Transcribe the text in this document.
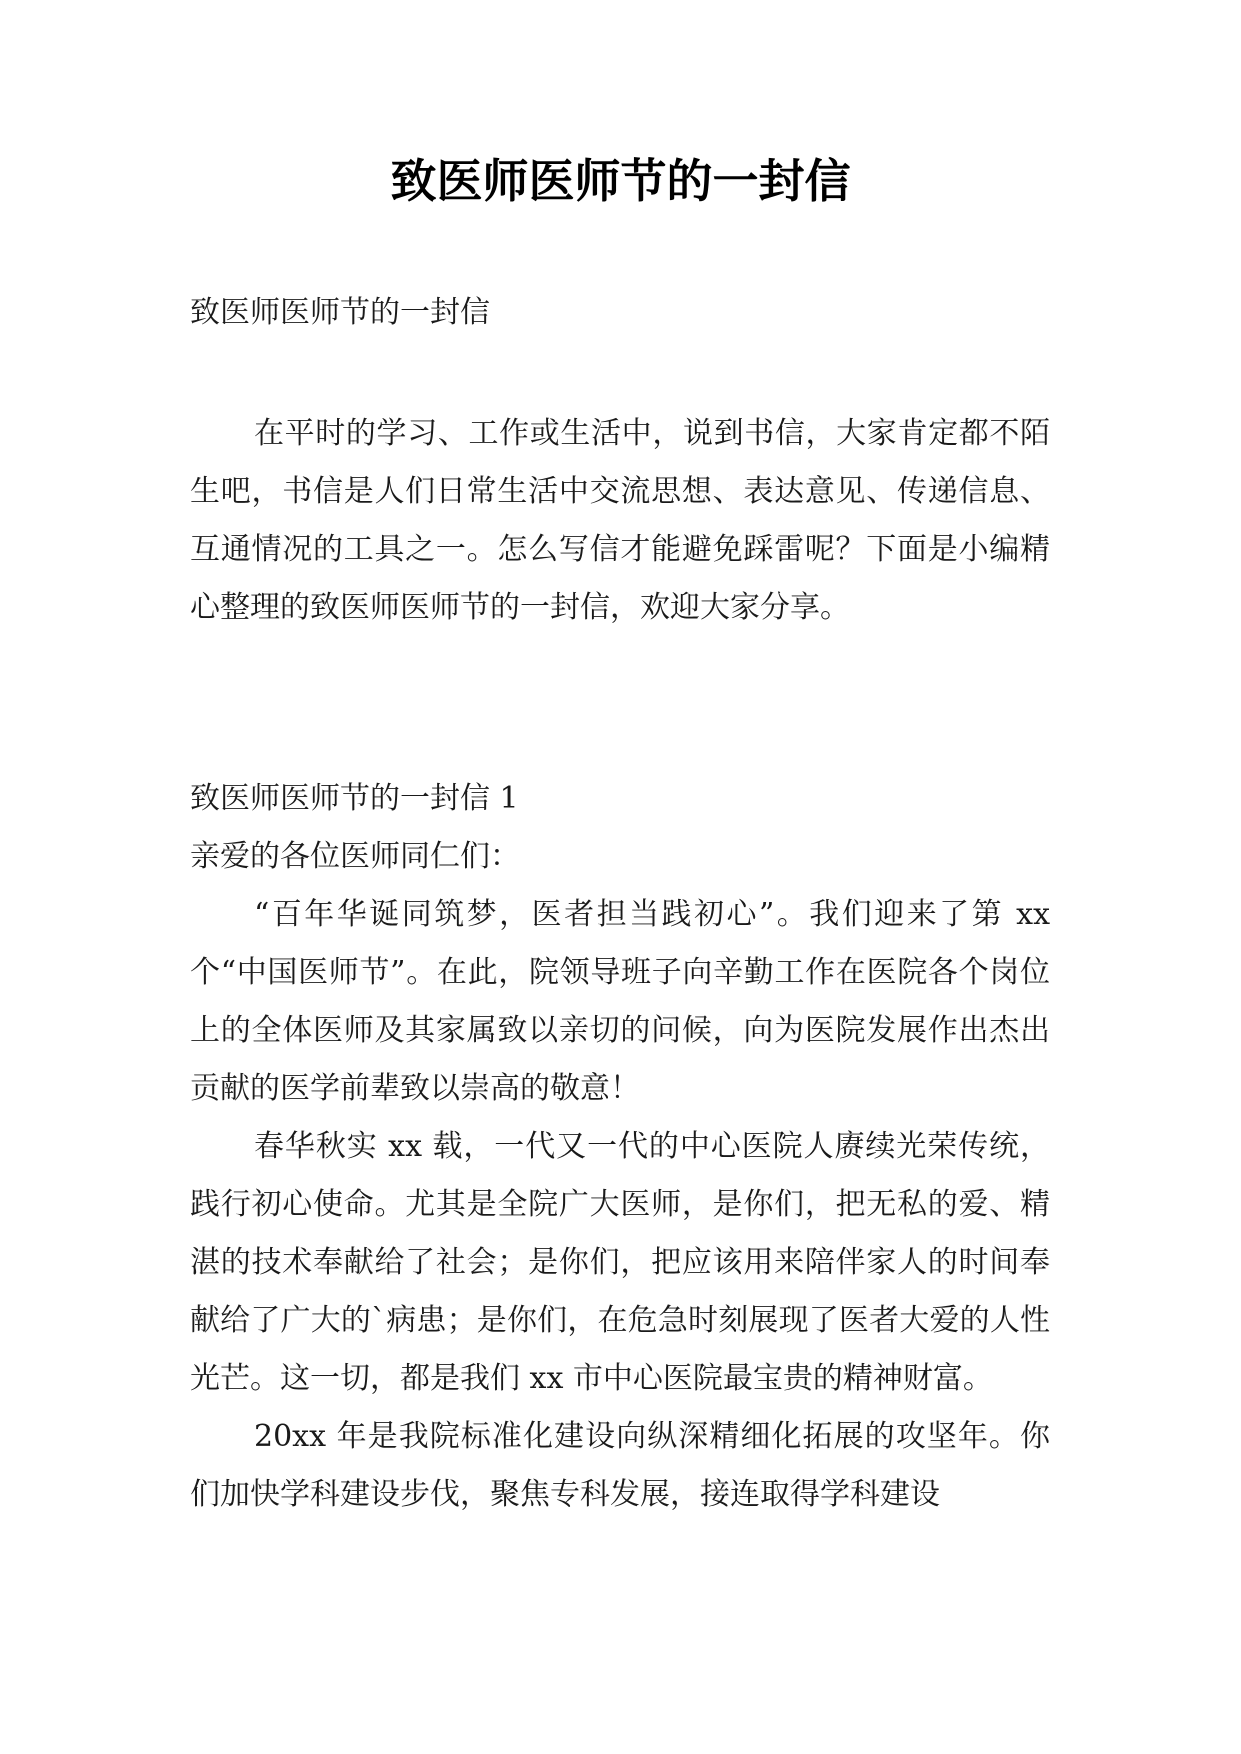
致医师医师节的一封信

致医师医师节的一封信

在平时的学习、工作或生活中，说到书信，大家肯定都不陌生吧，书信是人们日常生活中交流思想、表达意见、传递信息、互通情况的工具之一。怎么写信才能避免踩雷呢？下面是小编精心整理的致医师医师节的一封信，欢迎大家分享。

致医师医师节的一封信 1

亲爱的各位医师同仁们：

“百年华诞同筑梦，医者担当践初心”。我们迎来了第 xx 个“中国医师节”。在此，院领导班子向辛勤工作在医院各个岗位上的全体医师及其家属致以亲切的问候，向为医院发展作出杰出贡献的医学前辈致以崇高的敬意！

春华秋实 xx 载，一代又一代的中心医院人赓续光荣传统，践行初心使命。尤其是全院广大医师，是你们，把无私的爱、精湛的技术奉献给了社会；是你们，把应该用来陪伴家人的时间奉献给了广大的`病患；是你们，在危急时刻展现了医者大爱的人性光芒。这一切，都是我们 xx 市中心医院最宝贵的精神财富。

20xx 年是我院标准化建设向纵深精细化拓展的攻坚年。你们加快学科建设步伐，聚焦专科发展，接连取得学科建设
